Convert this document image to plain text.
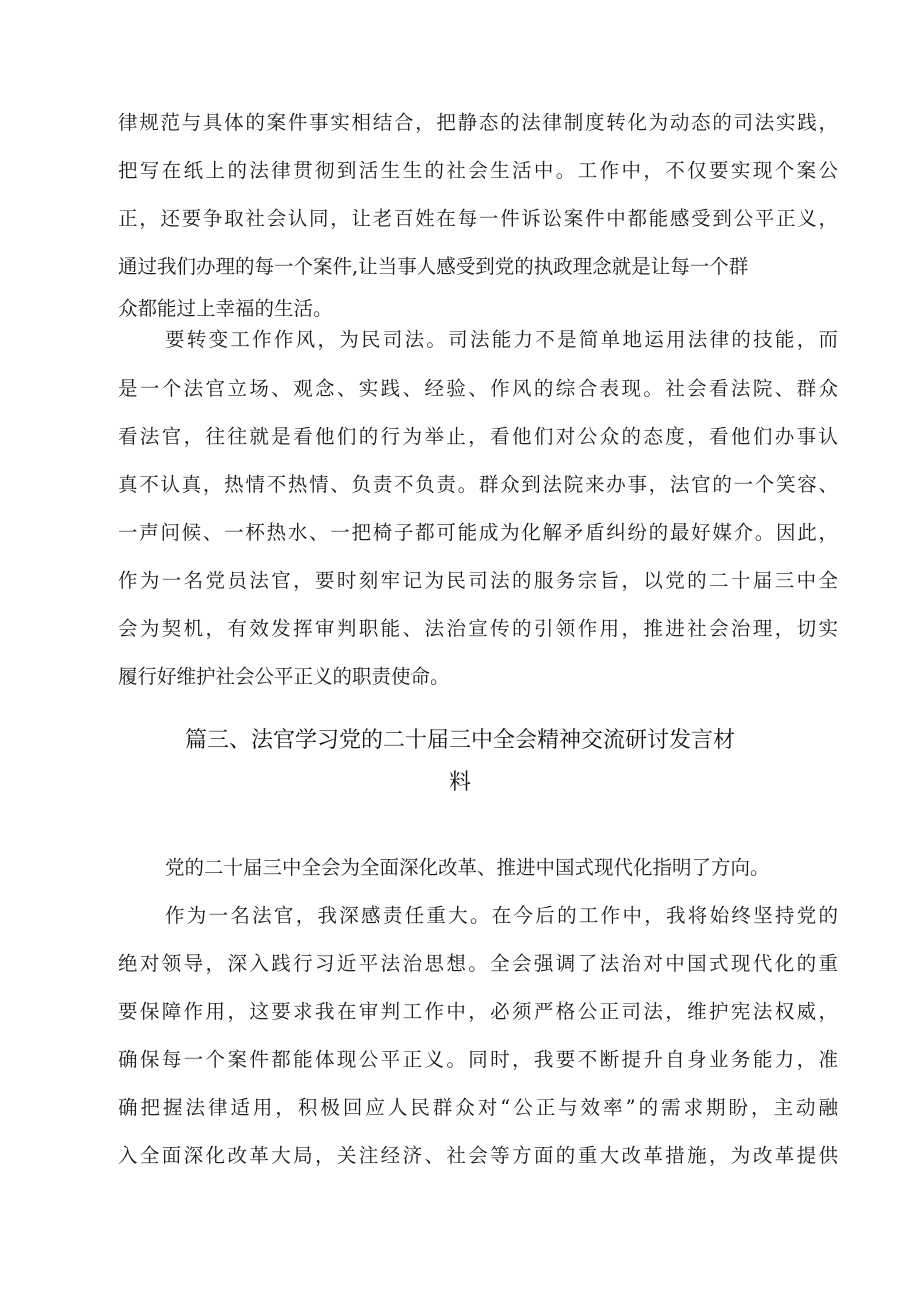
律规范与具体的案件事实相结合，把静态的法律制度转化为动态的司法实践，
把写在纸上的法律贯彻到活生生的社会生活中。工作中，不仅要实现个案公
正，还要争取社会认同，让老百姓在每一件诉讼案件中都能感受到公平正义，
通过我们办理的每一个案件,让当事人感受到党的执政理念就是让每一个群
众都能过上幸福的生活。
要转变工作作风，为民司法。司法能力不是简单地运用法律的技能，而
是一个法官立场、观念、实践、经验、作风的综合表现。社会看法院、群众
看法官，往往就是看他们的行为举止，看他们对公众的态度，看他们办事认
真不认真，热情不热情、负责不负责。群众到法院来办事，法官的一个笑容、
一声问候、一杯热水、一把椅子都可能成为化解矛盾纠纷的最好媒介。因此，
作为一名党员法官，要时刻牢记为民司法的服务宗旨，以党的二十届三中全
会为契机，有效发挥审判职能、法治宣传的引领作用，推进社会治理，切实
履行好维护社会公平正义的职责使命。
篇三、法官学习党的二十届三中全会精神交流研讨发言材
料
党的二十届三中全会为全面深化改革、推进中国式现代化指明了方向。
作为一名法官，我深感责任重大。在今后的工作中，我将始终坚持党的
绝对领导，深入践行习近平法治思想。全会强调了法治对中国式现代化的重
要保障作用，这要求我在审判工作中，必须严格公正司法，维护宪法权威，
确保每一个案件都能体现公平正义。同时，我要不断提升自身业务能力，准
确把握法律适用，积极回应人民群众对“公正与效率”的需求期盼，主动融
入全面深化改革大局，关注经济、社会等方面的重大改革措施，为改革提供
